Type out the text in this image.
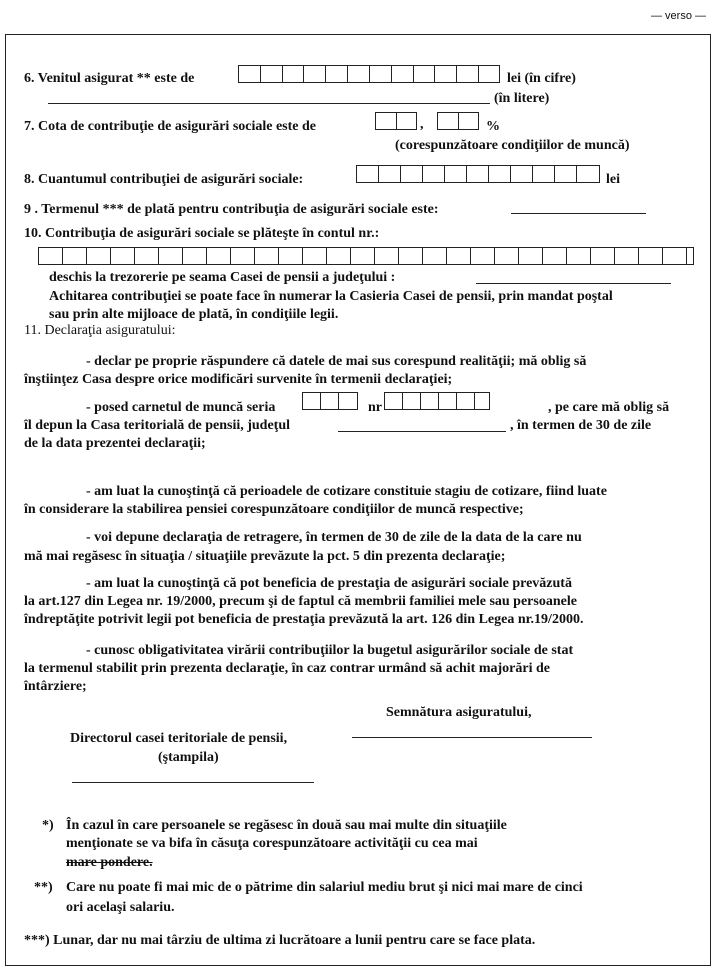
— verso —
6. Venitul asigurat ** este de	lei (în cifre)
(în litere)
7. Cota de contribuţie de asigurări sociale este de	,	%
(corespunzătoare condiţiilor de muncă)
8. Cuantumul contribuţiei de asigurări sociale:	lei
9 . Termenul *** de plată pentru contribuţia de asigurări sociale este:
10. Contribuţia de asigurări sociale se plăteşte în contul nr.:
deschis la trezorerie pe seama Casei de pensii a judeţului :
Achitarea contribuţiei se poate face în numerar la Casieria Casei de pensii, prin mandat poştal
sau prin alte mijloace de plată, în condiţiile legii.
11. Declaraţia asiguratului:
- declar pe proprie răspundere că datele de mai sus corespund realităţii; mă oblig să
înştiinţez Casa despre orice modificări survenite în termenii declaraţiei;
- posed carnetul de muncă seria	nr	, pe care mă oblig să
îl depun la Casa teritorială de pensii, judeţul	, în termen de 30 de zile
de la data prezentei declaraţii;
- am luat la cunoştinţă că perioadele de cotizare constituie stagiu de cotizare, fiind luate
în considerare la stabilirea pensiei corespunzătoare condiţiilor de muncă respective;
- voi depune declaraţia de retragere, în termen de 30 de zile de la data de la care nu
mă mai regăsesc în situaţia / situaţiile prevăzute la pct. 5 din prezenta declaraţie;
- am luat la cunoştinţă că pot beneficia de prestaţia de asigurări sociale prevăzută
la art.127 din Legea nr. 19/2000, precum şi de faptul că membrii familiei mele sau persoanele
îndreptăţite potrivit legii pot beneficia de prestaţia prevăzută la art. 126 din Legea nr.19/2000.
- cunosc obligativitatea virării contribuţiilor la bugetul asigurărilor sociale de stat
la termenul stabilit prin prezenta declaraţie, în caz contrar urmând să achit majorări de
întârziere;
Semnătura asiguratului,
Directorul casei teritoriale de pensii,
(ştampila)
*) În cazul în care persoanele se regăsesc în două sau mai multe din situaţiile
menţionate se va bifa în căsuţa corespunzătoare activităţii cu cea mai
mare pondere.
**) Care nu poate fi mai mic de o pătrime din salariul mediu brut şi nici mai mare de cinci
ori acelaşi salariu.
***) Lunar, dar nu mai târziu de ultima zi lucrătoare a lunii pentru care se face plata.
